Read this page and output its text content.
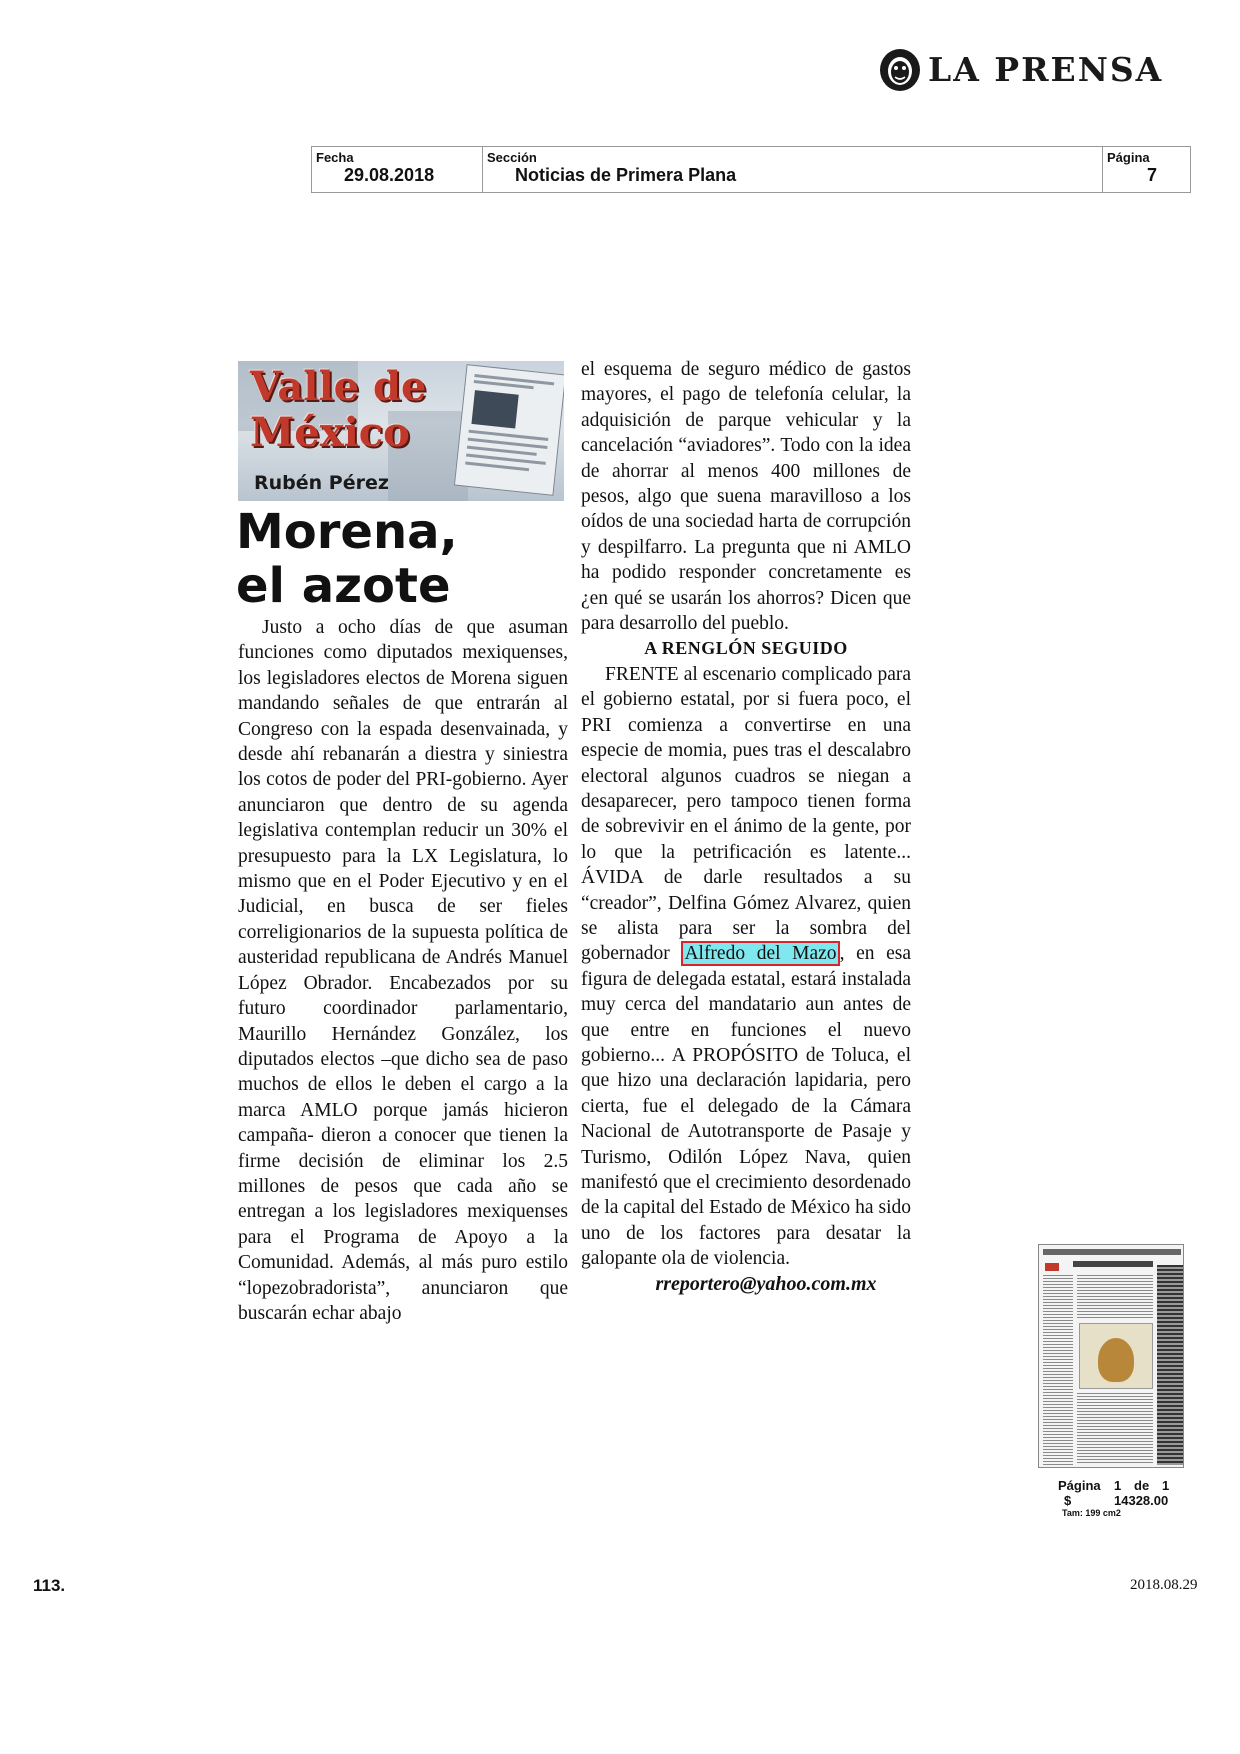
LA PRENSA
Fecha
29.08.2018
Sección
Noticias de Primera Plana
Página
7
Valle de
México
Rubén Pérez
Morena,
el azote

Justo a ocho días de que asuman funciones como diputados mexiquenses, los legisladores electos de Morena siguen mandando señales de que entrarán al Congreso con la espada desenvainada, y desde ahí rebanarán a diestra y siniestra los cotos de poder del PRI-gobierno. Ayer anunciaron que dentro de su agenda legislativa contemplan reducir un 30% el presupuesto para la LX Legislatura, lo mismo que en el Poder Ejecutivo y en el Judicial, en busca de ser fieles correligionarios de la supuesta política de austeridad republicana de Andrés Manuel López Obrador. Encabezados por su futuro coordinador parlamentario, Maurillo Hernández González, los diputados electos –que dicho sea de paso muchos de ellos le deben el cargo a la marca AMLO porque jamás hicieron campaña- dieron a conocer que tienen la firme decisión de eliminar los 2.5 millones de pesos que cada año se entregan a los legisladores mexiquenses para el Programa de Apoyo a la Comunidad. Además, al más puro estilo “lopezobradorista”, anunciaron que buscarán echar abajo

el esquema de seguro médico de gastos mayores, el pago de telefonía celular, la adquisición de parque vehicular y la cancelación “aviadores”. Todo con la idea de ahorrar al menos 400 millones de pesos, algo que suena maravilloso a los oídos de una sociedad harta de corrupción y despilfarro. La pregunta que ni AMLO ha podido responder concretamente es ¿en qué se usarán los ahorros? Dicen que para desarrollo del pueblo.

A RENGLÓN SEGUIDO

FRENTE al escenario complicado para el gobierno estatal, por si fuera poco, el PRI comienza a convertirse en una especie de momia, pues tras el descalabro electoral algunos cuadros se niegan a desaparecer, pero tampoco tienen forma de sobrevivir en el ánimo de la gente, por lo que la petrificación es latente... ÁVIDA de darle resultados a su “creador”, Delfina Gómez Alvarez, quien se alista para ser la sombra del gobernador Alfredo del Mazo , en esa figura de delegada estatal, estará instalada muy cerca del mandatario aun antes de que entre en funciones el nuevo gobierno... A PROPÓSITO de Toluca, el que hizo una declaración lapidaria, pero cierta, fue el delegado de la Cámara Nacional de Autotransporte de Pasaje y Turismo, Odilón López Nava, quien manifestó que el crecimiento desordenado de la capital del Estado de México ha sido uno de los factores para desatar la galopante ola de violencia.

rreportero@yahoo.com.mx
Página	1 de 1
$	14328.00
Tam: 199 cm2
113.	2018.08.29
